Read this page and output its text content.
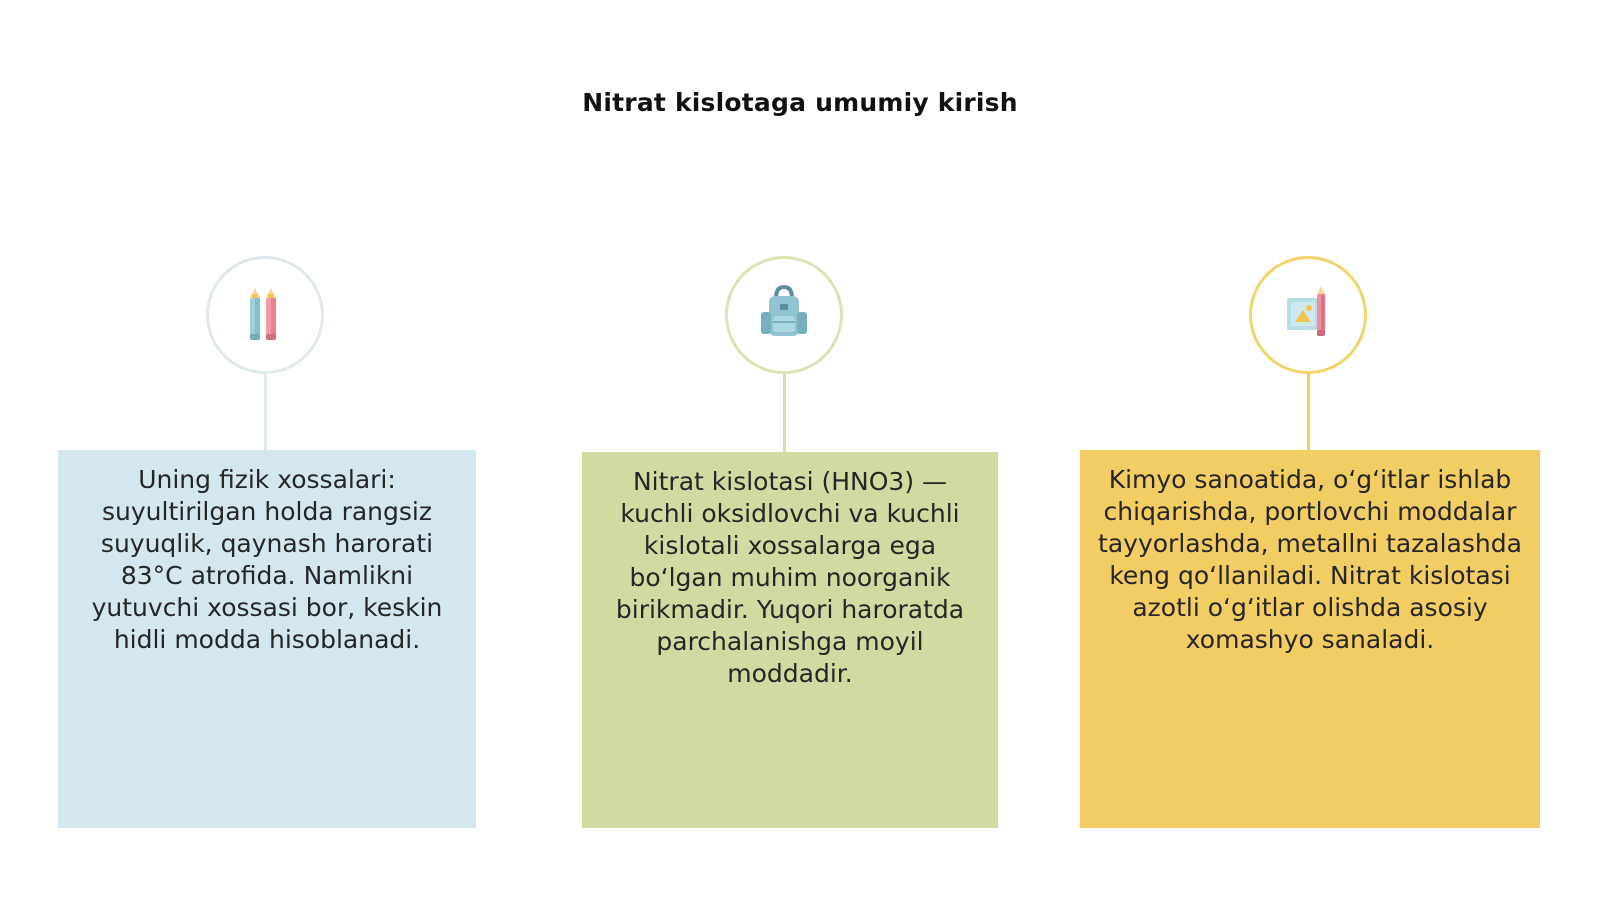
Nitrat kislotaga umumiy kirish
Uning fizik xossalari: suyultirilgan holda rangsiz suyuqlik, qaynash harorati 83°C atrofida. Namlikni yutuvchi xossasi bor, keskin hidli modda hisoblanadi.
Nitrat kislotasi (HNO3) — kuchli oksidlovchi va kuchli kislotali xossalarga ega bo‘lgan muhim noorganik birikmadir. Yuqori haroratda parchalanishga moyil moddadir.
Kimyo sanoatida, o‘g‘itlar ishlab chiqarishda, portlovchi moddalar tayyorlashda, metallni tazalashda keng qo‘llaniladi. Nitrat kislotasi azotli o‘g‘itlar olishda asosiy xomashyo sanaladi.
